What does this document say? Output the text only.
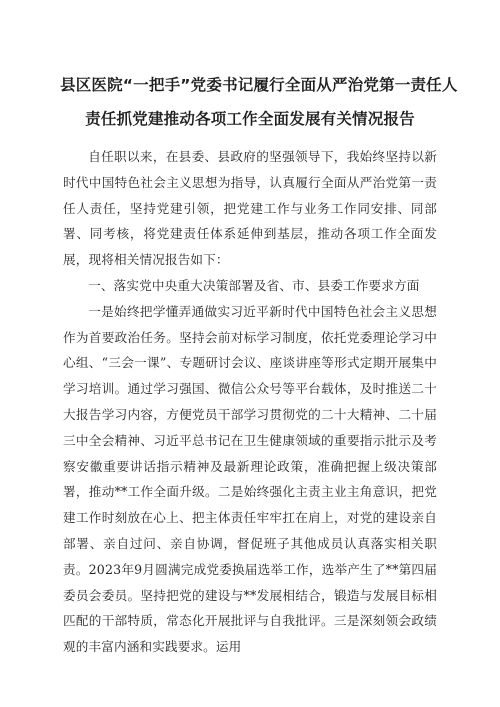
县区医院“一把手”党委书记履行全面从严治党第一责任人
责任抓党建推动各项工作全面发展有关情况报告

自任职以来，在县委、县政府的坚强领导下，我始终坚持以新时代中国特色社会主义思想为指导，认真履行全面从严治党第一责任人责任，坚持党建引领，把党建工作与业务工作同安排、同部署、同考核，将党建责任体系延伸到基层，推动各项工作全面发展，现将相关情况报告如下：

一、落实党中央重大决策部署及省、市、县委工作要求方面

一是始终把学懂弄通做实习近平新时代中国特色社会主义思想作为首要政治任务。坚持会前对标学习制度，依托党委理论学习中心组、“三会一课”、专题研讨会议、座谈讲座等形式定期开展集中学习培训。通过学习强国、微信公众号等平台载体，及时推送二十大报告学习内容，方便党员干部学习贯彻党的二十大精神、二十届三中全会精神、习近平总书记在卫生健康领域的重要指示批示及考察安徽重要讲话指示精神及最新理论政策，准确把握上级决策部署，推动**工作全面升级。二是始终强化主责主业主角意识，把党建工作时刻放在心上、把主体责任牢牢扛在肩上，对党的建设亲自部署、亲自过问、亲自协调，督促班子其他成员认真落实相关职责。2023年9月圆满完成党委换届选举工作，选举产生了**第四届委员会委员。坚持把党的建设与**发展相结合，锻造与发展目标相匹配的干部特质，常态化开展批评与自我批评。三是深刻领会政绩观的丰富内涵和实践要求。运用
